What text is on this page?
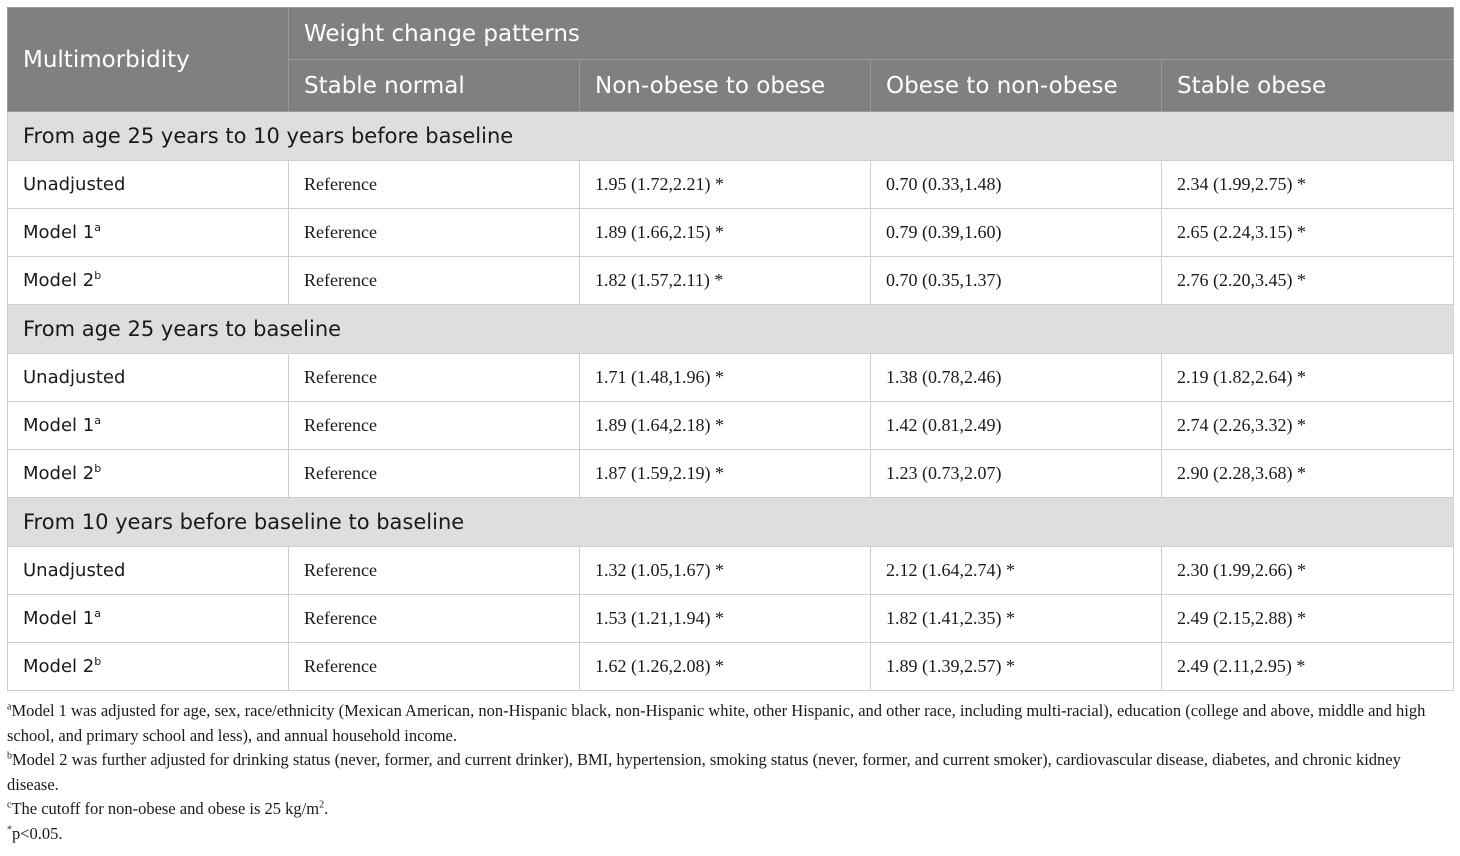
Multimorbidity	Weight change patterns			
	Stable normal	Non-obese to obese	Obese to non-obese	Stable obese
From age 25 years to 10 years before baseline				
Unadjusted	Reference	1.95 (1.72,2.21) *	0.70 (0.33,1.48)	2.34 (1.99,2.75) *
Model 1$^a$	Reference	1.89 (1.66,2.15) *	0.79 (0.39,1.60)	2.65 (2.24,3.15) *
Model 2$^b$	Reference	1.82 (1.57,2.11) *	0.70 (0.35,1.37)	2.76 (2.20,3.45) *
From age 25 years to baseline				
Unadjusted	Reference	1.71 (1.48,1.96) *	1.38 (0.78,2.46)	2.19 (1.82,2.64) *
Model 1$^a$	Reference	1.89 (1.64,2.18) *	1.42 (0.81,2.49)	2.74 (2.26,3.32) *
Model 2$^b$	Reference	1.87 (1.59,2.19) *	1.23 (0.73,2.07)	2.90 (2.28,3.68) *
From 10 years before baseline to baseline				
Unadjusted	Reference	1.32 (1.05,1.67) *	2.12 (1.64,2.74) *	2.30 (1.99,2.66) *
Model 1$^a$	Reference	1.53 (1.21,1.94) *	1.82 (1.41,2.35) *	2.49 (2.15,2.88) *
Model 2$^b$	Reference	1.62 (1.26,2.08) *	1.89 (1.39,2.57) *	2.49 (2.11,2.95) *

$^a$Model 1 was adjusted for age, sex, race/ethnicity (Mexican American, non-Hispanic black, non-Hispanic white, other Hispanic, and other race, including multi-racial), education (college and above, middle and high school, and primary school and less), and annual household income.

$^b$Model 2 was further adjusted for drinking status (never, former, and current drinker), BMI, hypertension, smoking status (never, former, and current smoker), cardiovascular disease, diabetes, and chronic kidney disease.

$^c$The cutoff for non-obese and obese is 25 $kg/m^2$.

*p<0.05.
